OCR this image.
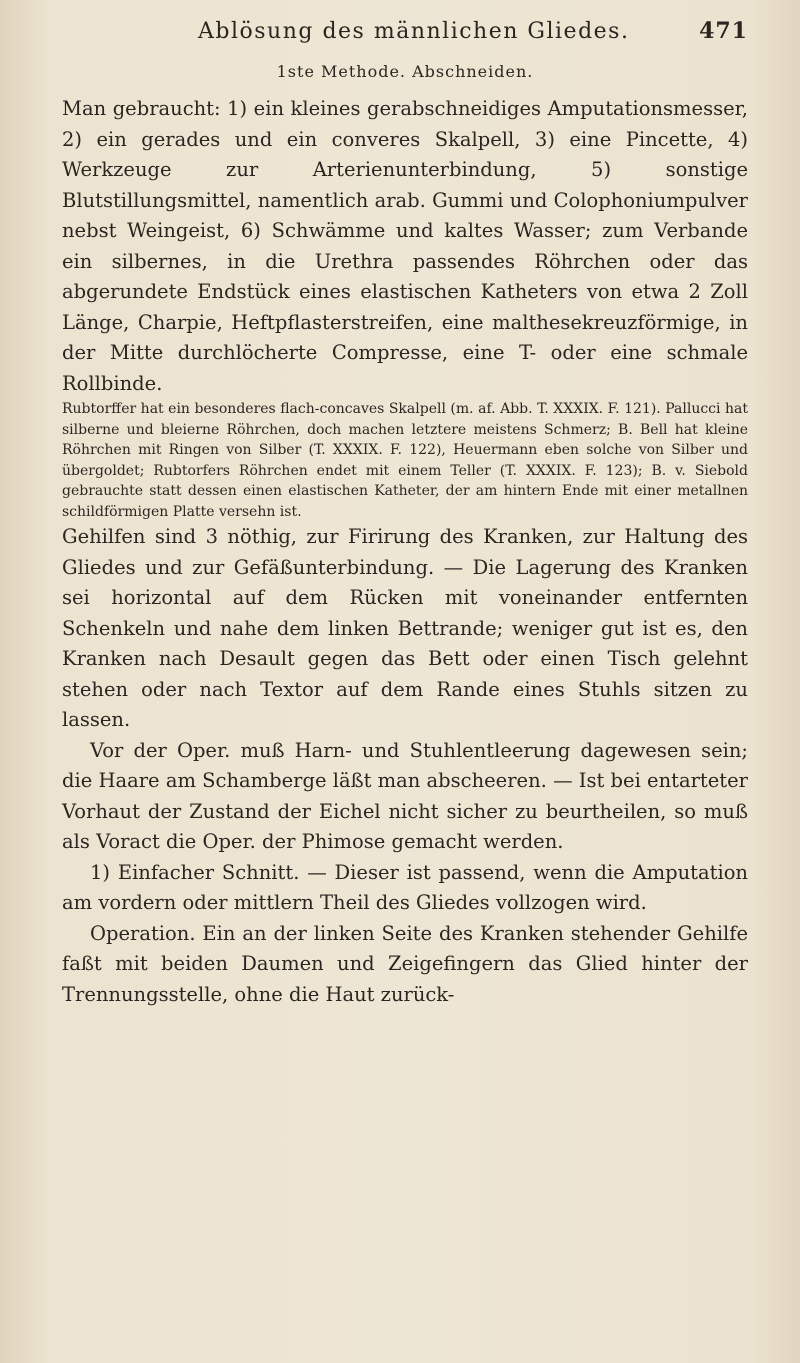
Ablösung des männlichen Gliedes.	471
1ste Methode. Abschneiden.

Man gebraucht: 1) ein kleines gerabschneidiges Amputationsmesser, 2) ein gerades und ein converes Skalpell, 3) eine Pincette, 4) Werkzeuge zur Arterienunterbindung, 5) sonstige Blutstillungsmittel, namentlich arab. Gummi und Colophoniumpulver nebst Weingeist, 6) Schwämme und kaltes Wasser; zum Verbande ein silbernes, in die Urethra passendes Röhrchen oder das abgerundete Endstück eines elastischen Katheters von etwa 2 Zoll Länge, Charpie, Heftpflasterstreifen, eine malthesekreuzförmige, in der Mitte durchlöcherte Compresse, eine T- oder eine schmale Rollbinde.

Rubtorffer hat ein besonderes flach-concaves Skalpell (m. af. Abb. T. XXXIX. F. 121). Pallucci hat silberne und bleierne Röhrchen, doch machen letztere meistens Schmerz; B. Bell hat kleine Röhrchen mit Ringen von Silber (T. XXXIX. F. 122), Heuermann eben solche von Silber und übergoldet; Rubtorfers Röhrchen endet mit einem Teller (T. XXXIX. F. 123); B. v. Siebold gebrauchte statt dessen einen elastischen Katheter, der am hintern Ende mit einer metallnen schildförmigen Platte versehn ist.

Gehilfen sind 3 nöthig, zur Firirung des Kranken, zur Haltung des Gliedes und zur Gefäßunterbindung. — Die Lagerung des Kranken sei horizontal auf dem Rücken mit voneinander entfernten Schenkeln und nahe dem linken Bettrande; weniger gut ist es, den Kranken nach Desault gegen das Bett oder einen Tisch gelehnt stehen oder nach Textor auf dem Rande eines Stuhls sitzen zu lassen.

Vor der Oper. muß Harn- und Stuhlentleerung dagewesen sein; die Haare am Schamberge läßt man abscheeren. — Ist bei entarteter Vorhaut der Zustand der Eichel nicht sicher zu beurtheilen, so muß als Voract die Oper. der Phimose gemacht werden.

1) Einfacher Schnitt. — Dieser ist passend, wenn die Amputation am vordern oder mittlern Theil des Gliedes vollzogen wird.

Operation. Ein an der linken Seite des Kranken stehender Gehilfe faßt mit beiden Daumen und Zeigefingern das Glied hinter der Trennungsstelle, ohne die Haut zurück-
